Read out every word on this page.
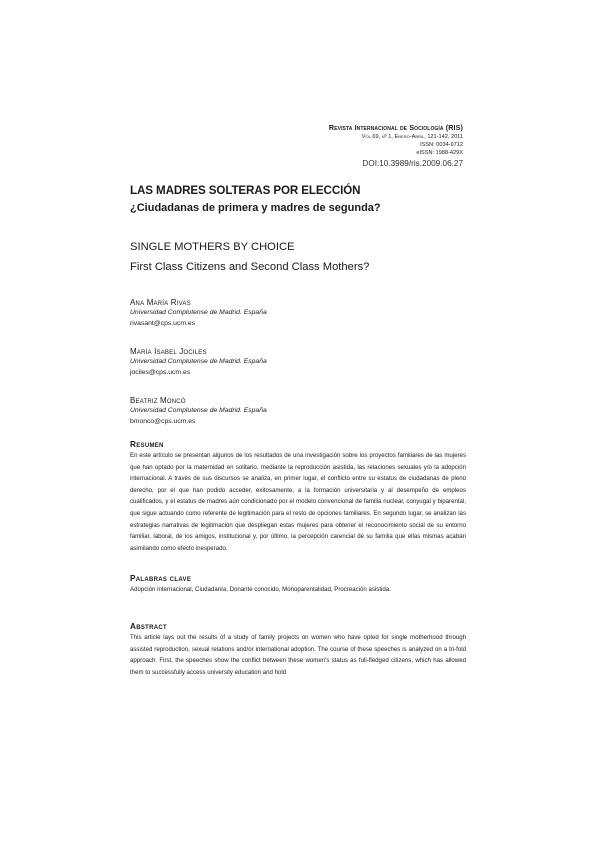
Revista Internacional de Sociología (RIS)
Vol.69, nº 1, Enero-Abril, 121-142, 2011
ISSN: 0034-9712
eISSN: 1988-429X
DOI:10.3989/ris.2009.06.27
LAS MADRES SOLTERAS POR ELECCIÓN
¿Ciudadanas de primera y madres de segunda?
SINGLE MOTHERS BY CHOICE
First Class Citizens and Second Class Mothers?
Ana María Rivas
Universidad Complutense de Madrid. España
rivasant@cps.ucm.es
María Isabel Jociles
Universidad Complutense de Madrid. España
jociles@cps.ucm.es
Beatriz Moncó
Universidad Complutense de Madrid. España
bmonco@cps.ucm.es
Resumen
En este artículo se presentan algunos de los resultados de una investigación sobre los proyectos familiares de las mujeres que han optado por la maternidad en solitario, mediante la reproducción asistida, las relaciones sexuales y/o la adopción internacional. A través de sus discursos se analiza, en primer lugar, el conflicto entre su estatus de ciudadanas de pleno derecho, por el que han podido acceder, exitosamente, a la formación universitaria y al desempeño de empleos cualificados, y el estatus de madres aún condicionado por el modelo convencional de familia nuclear, conyugal y biparental, que sigue actuando como referente de legitimación para el resto de opciones familiares. En segundo lugar, se analizan las estrategias narrativas de legitimación que despliegan estas mujeres para obtener el reconocimiento social de su entorno familiar, laboral, de los amigos, institucional y, por último, la percepción carencial de su familia que ellas mismas acaban asimilando como efecto inesperado.
Palabras clave
Adopción internacional, Ciudadanía, Donante conocido, Monoparentalidad, Procreación asistida.
Abstract
This article lays out the results of a study of family projects on women who have opted for single motherhood through assisted reproduction, sexual relations and/or international adoption. The course of these speeches is analyzed on a tri-fold approach. First, the speeches show the conflict between these women's status as full-fledged citizens, which has allowed them to successfully access university education and hold
